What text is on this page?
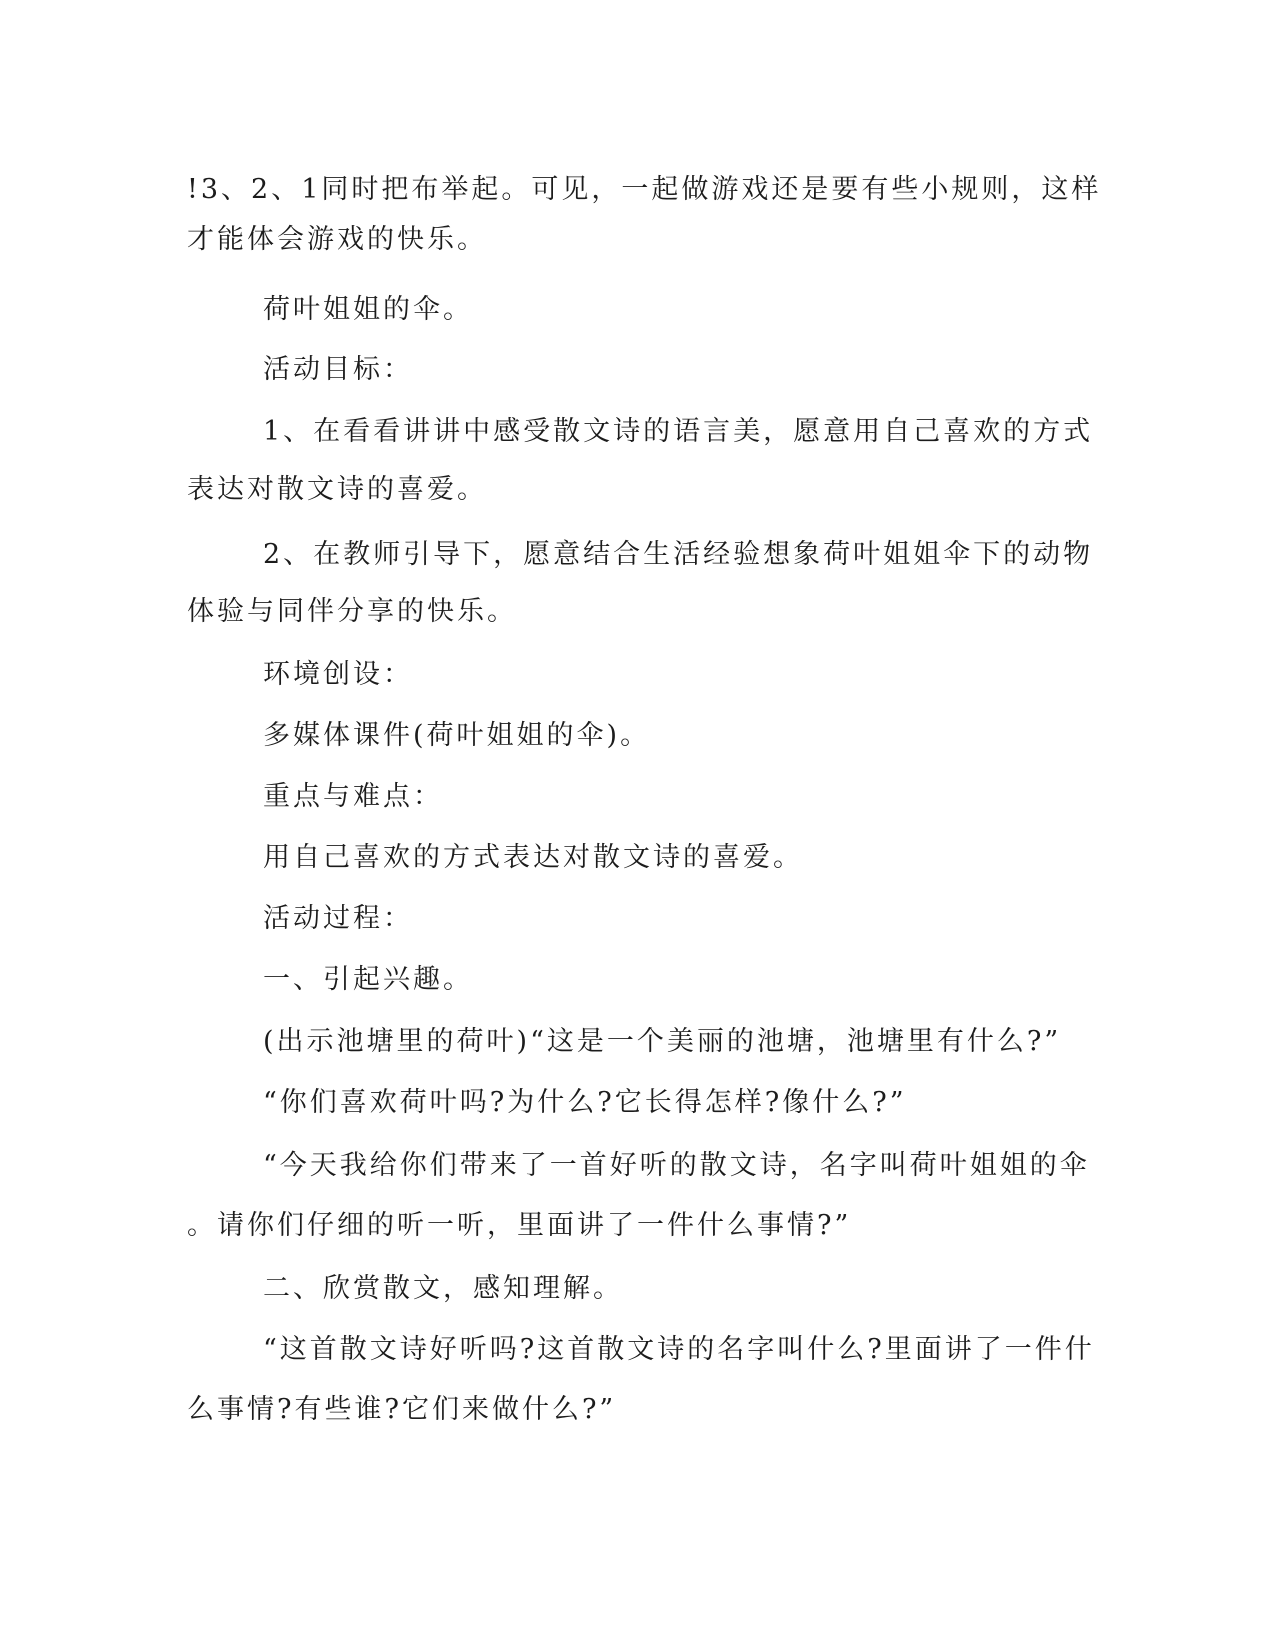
!3、2、1同时把布举起。可见，一起做游戏还是要有些小规则，这样
才能体会游戏的快乐。
荷叶姐姐的伞。
活动目标：
1、在看看讲讲中感受散文诗的语言美，愿意用自己喜欢的方式
表达对散文诗的喜爱。
2、在教师引导下，愿意结合生活经验想象荷叶姐姐伞下的动物
体验与同伴分享的快乐。
环境创设：
多媒体课件(荷叶姐姐的伞)。
重点与难点：
用自己喜欢的方式表达对散文诗的喜爱。
活动过程：
一、引起兴趣。
(出示池塘里的荷叶)“这是一个美丽的池塘，池塘里有什么?”
“你们喜欢荷叶吗?为什么?它长得怎样?像什么?”
“今天我给你们带来了一首好听的散文诗，名字叫荷叶姐姐的伞
。请你们仔细的听一听，里面讲了一件什么事情?”
二、欣赏散文，感知理解。
“这首散文诗好听吗?这首散文诗的名字叫什么?里面讲了一件什
么事情?有些谁?它们来做什么?”
